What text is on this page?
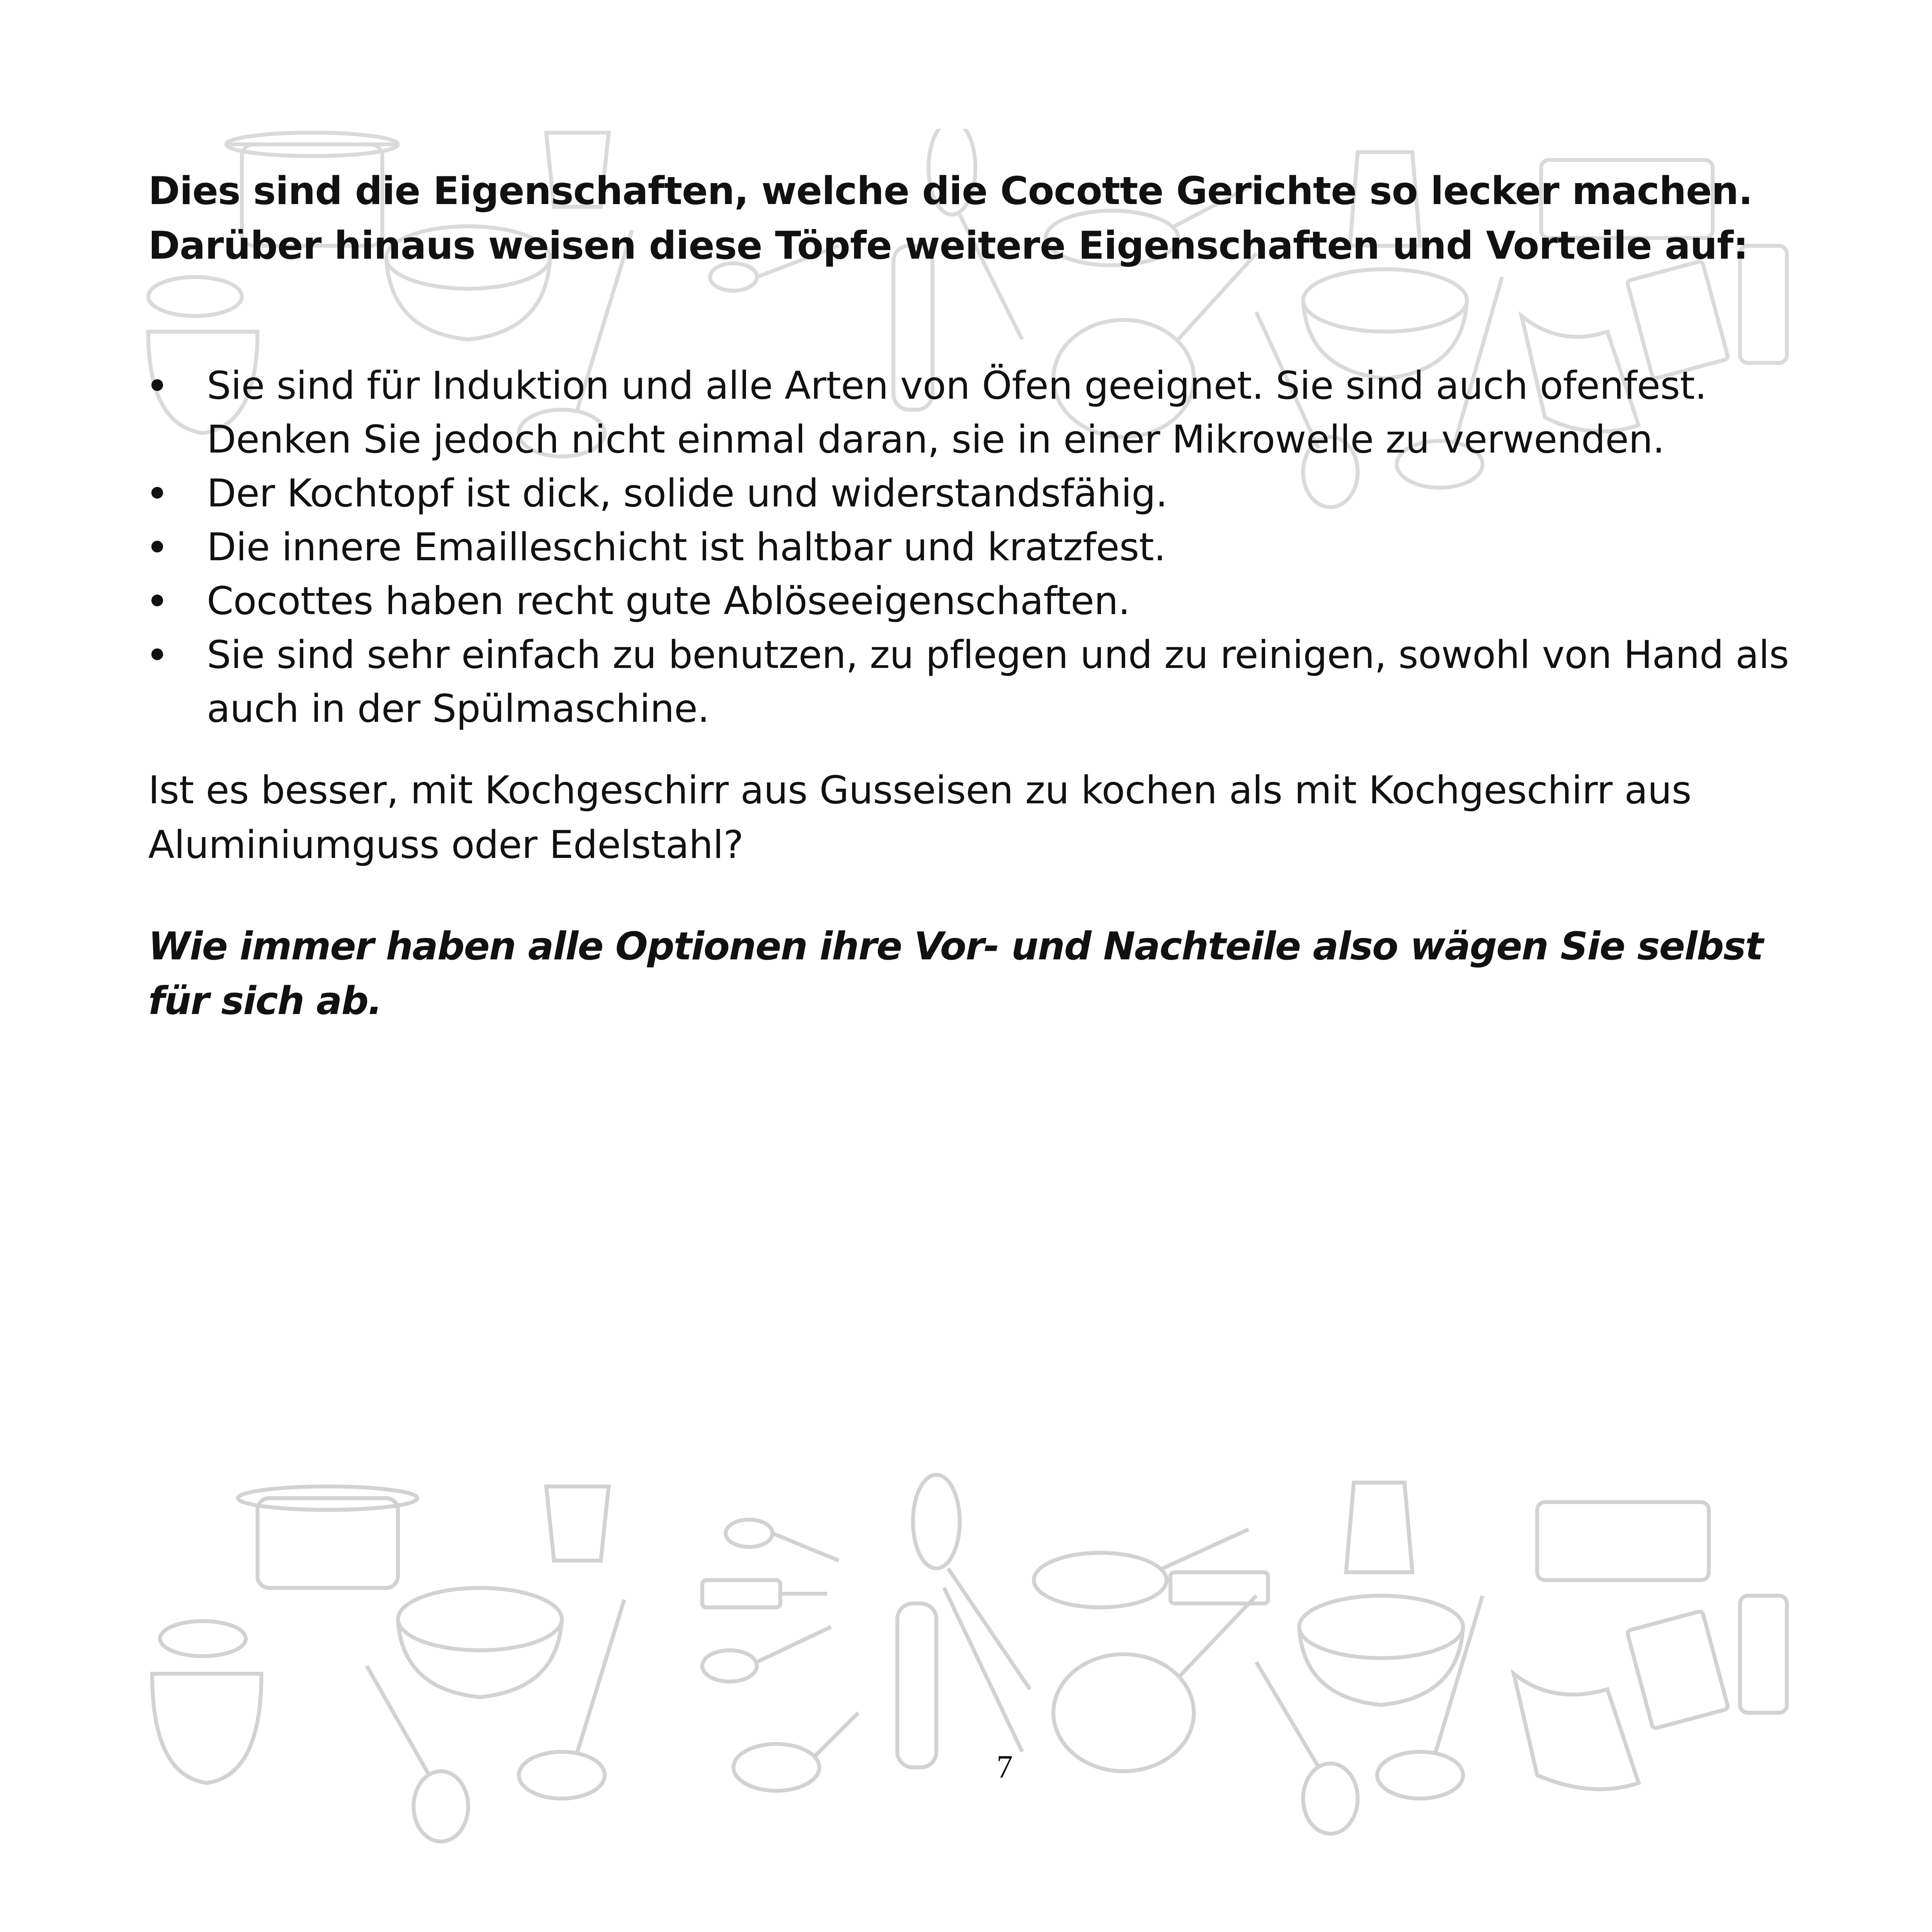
Dies sind die Eigenschaften, welche die Cocotte Gerichte so lecker machen. Darüber hinaus weisen diese Töpfe weitere Eigenschaften und Vorteile auf:

Sie sind für Induktion und alle Arten von Öfen geeignet. Sie sind auch ofenfest. Denken Sie jedoch nicht einmal daran, sie in einer Mikrowelle zu verwenden.
Der Kochtopf ist dick, solide und widerstandsfähig.
Die innere Emailleschicht ist haltbar und kratzfest.
Cocottes haben recht gute Ablöseeigenschaften.
Sie sind sehr einfach zu benutzen, zu pflegen und zu reinigen, sowohl von Hand als auch in der Spülmaschine.

Ist es besser, mit Kochgeschirr aus Gusseisen zu kochen als mit Kochgeschirr aus Aluminiumguss oder Edelstahl?

Wie immer haben alle Optionen ihre Vor- und Nachteile also wägen Sie selbst für sich ab.

7
